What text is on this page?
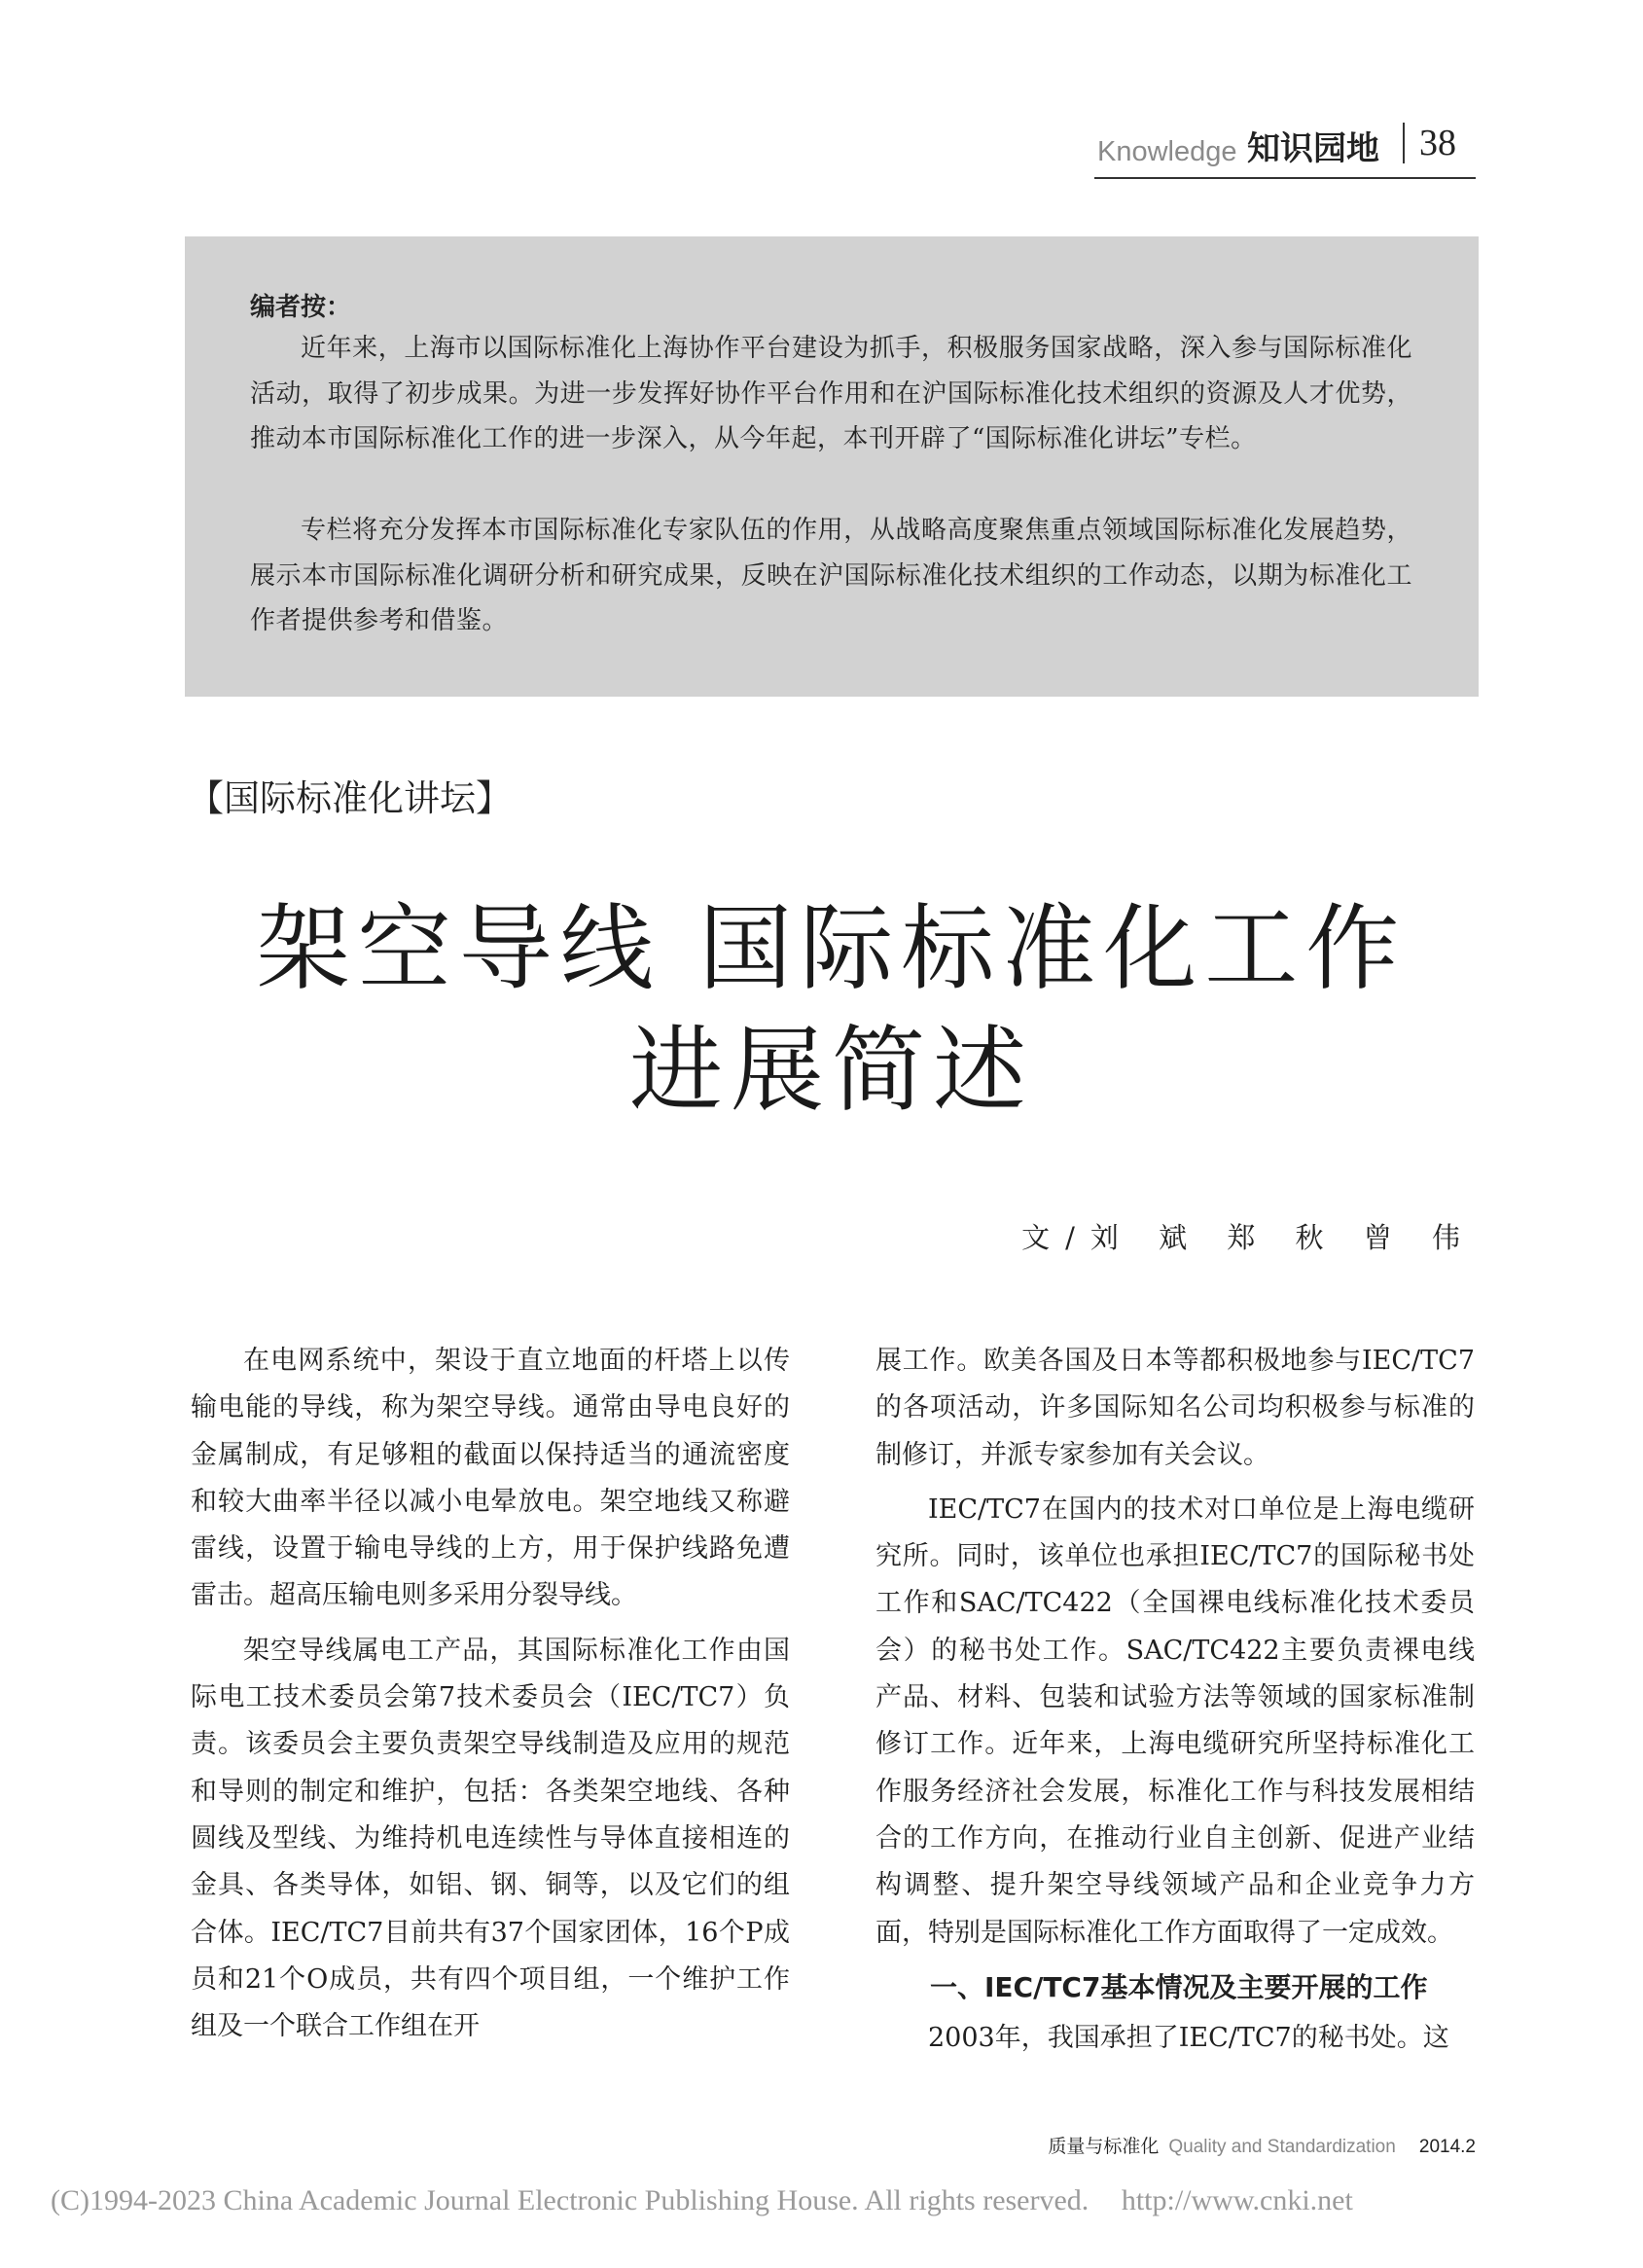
Knowledge 知识园地 38
编者按：

近年来，上海市以国际标准化上海协作平台建设为抓手，积极服务国家战略，深入参与国际标准化活动，取得了初步成果。为进一步发挥好协作平台作用和在沪国际标准化技术组织的资源及人才优势，推动本市国际标准化工作的进一步深入，从今年起，本刊开辟了“国际标准化讲坛”专栏。

专栏将充分发挥本市国际标准化专家队伍的作用，从战略高度聚焦重点领域国际标准化发展趋势，展示本市国际标准化调研分析和研究成果，反映在沪国际标准化技术组织的工作动态，以期为标准化工作者提供参考和借鉴。

【国际标准化讲坛】
架空导线 国际标准化工作
进展简述
文/刘 斌 郑 秋 曾 伟

在电网系统中，架设于直立地面的杆塔上以传输电能的导线，称为架空导线。通常由导电良好的金属制成，有足够粗的截面以保持适当的通流密度和较大曲率半径以减小电晕放电。架空地线又称避雷线，设置于输电导线的上方，用于保护线路免遭雷击。超高压输电则多采用分裂导线。

架空导线属电工产品，其国际标准化工作由国际电工技术委员会第7技术委员会（IEC/TC7）负责。该委员会主要负责架空导线制造及应用的规范和导则的制定和维护，包括：各类架空地线、各种圆线及型线、为维持机电连续性与导体直接相连的金具、各类导体，如铝、钢、铜等，以及它们的组合体。IEC/TC7目前共有37个国家团体，16个P成员和21个O成员，共有四个项目组，一个维护工作组及一个联合工作组在开

展工作。欧美各国及日本等都积极地参与IEC/TC7的各项活动，许多国际知名公司均积极参与标准的制修订，并派专家参加有关会议。

IEC/TC7在国内的技术对口单位是上海电缆研究所。同时，该单位也承担IEC/TC7的国际秘书处工作和SAC/TC422（全国裸电线标准化技术委员会）的秘书处工作。SAC/TC422主要负责裸电线产品、材料、包装和试验方法等领域的国家标准制修订工作。近年来，上海电缆研究所坚持标准化工作服务经济社会发展，标准化工作与科技发展相结合的工作方向，在推动行业自主创新、促进产业结构调整、提升架空导线领域产品和企业竞争力方面，特别是国际标准化工作方面取得了一定成效。

一、IEC/TC7基本情况及主要开展的工作

2003年，我国承担了IEC/TC7的秘书处。这

质量与标准化 Quality and Standardization 2014.2
(C)1994-2023 China Academic Journal Electronic Publishing House. All rights reserved. http://www.cnki.net
